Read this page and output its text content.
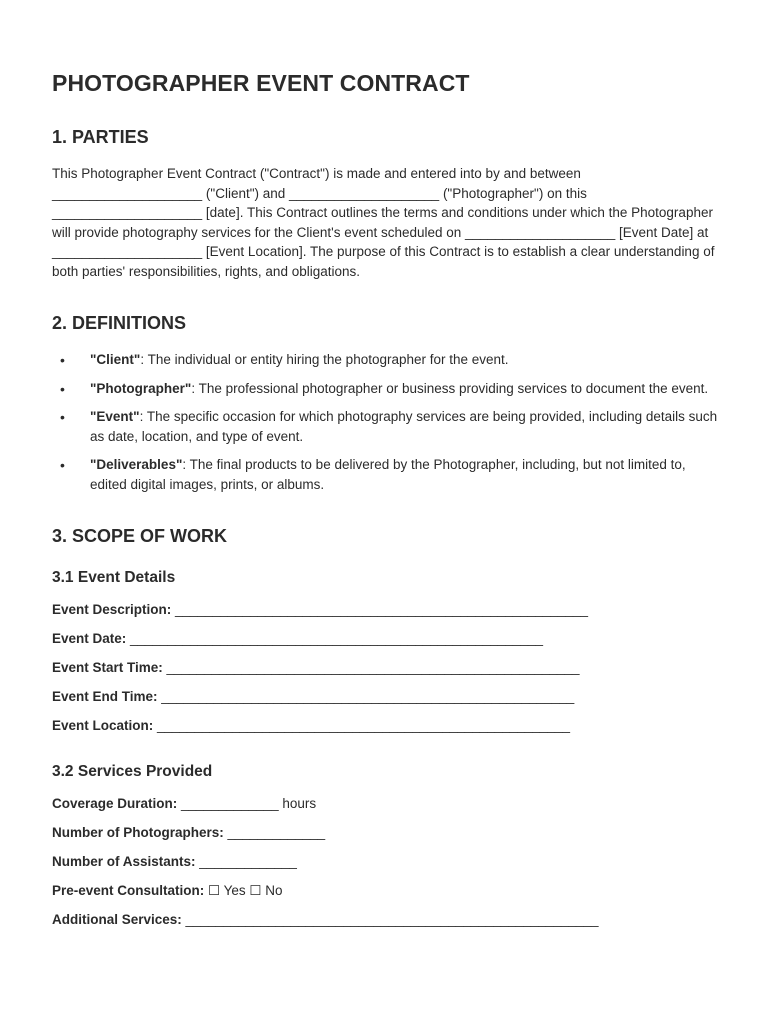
PHOTOGRAPHER EVENT CONTRACT
1. PARTIES

This Photographer Event Contract ("Contract") is made and entered into by and between ____________________ ("Client") and ____________________ ("Photographer") on this ____________________ [date]. This Contract outlines the terms and conditions under which the Photographer will provide photography services for the Client's event scheduled on ____________________ [Event Date] at ____________________ [Event Location]. The purpose of this Contract is to establish a clear understanding of both parties' responsibilities, rights, and obligations.

2. DEFINITIONS
• "Client": The individual or entity hiring the photographer for the event.
• "Photographer": The professional photographer or business providing services to document the event.
• "Event": The specific occasion for which photography services are being provided, including details such as date, location, and type of event.
• "Deliverables": The final products to be delivered by the Photographer, including, but not limited to, edited digital images, prints, or albums.
3. SCOPE OF WORK
3.1 Event Details
Event Description: _______________________________________________________
Event Date: _______________________________________________________
Event Start Time: _______________________________________________________
Event End Time: _______________________________________________________
Event Location: _______________________________________________________
3.2 Services Provided
Coverage Duration: _____________ hours
Number of Photographers: _____________
Number of Assistants: _____________
Pre-event Consultation: ☐ Yes ☐ No
Additional Services: _______________________________________________________
